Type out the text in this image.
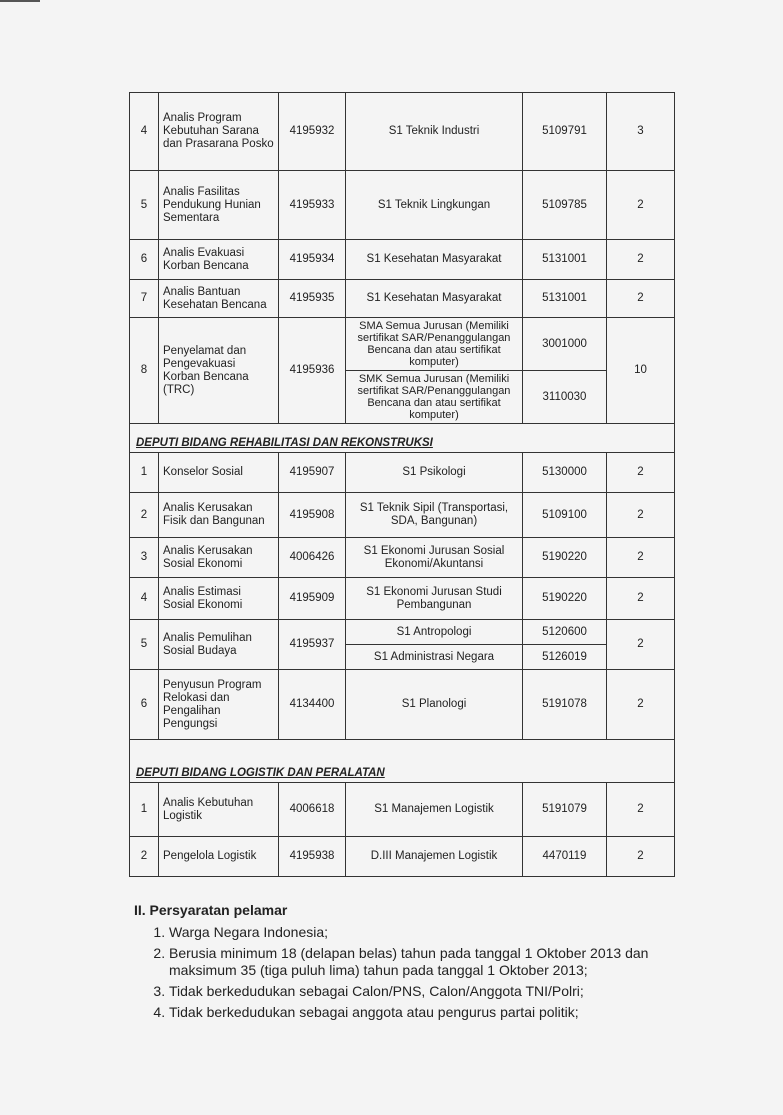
4	Analis Program Kebutuhan Sarana dan Prasarana Posko	4195932	S1 Teknik Industri	5109791	3
5	Analis Fasilitas Pendukung Hunian Sementara	4195933	S1 Teknik Lingkungan	5109785	2
6	Analis Evakuasi Korban Bencana	4195934	S1 Kesehatan Masyarakat	5131001	2
7	Analis Bantuan Kesehatan Bencana	4195935	S1 Kesehatan Masyarakat	5131001	2
8	Penyelamat dan Pengevakuasi Korban Bencana (TRC)	4195936	SMA Semua Jurusan (Memiliki sertifikat SAR/Penanggulangan Bencana dan atau sertifikat komputer)	3001000	10
			SMK Semua Jurusan (Memiliki sertifikat SAR/Penanggulangan Bencana dan atau sertifikat komputer)	3110030	
DEPUTI BIDANG REHABILITASI DAN REKONSTRUKSI					
1	Konselor Sosial	4195907	S1 Psikologi	5130000	2
2	Analis Kerusakan Fisik dan Bangunan	4195908	S1 Teknik Sipil (Transportasi, SDA, Bangunan)	5109100	2
3	Analis Kerusakan Sosial Ekonomi	4006426	S1 Ekonomi Jurusan Sosial Ekonomi/Akuntansi	5190220	2
4	Analis Estimasi Sosial Ekonomi	4195909	S1 Ekonomi Jurusan Studi Pembangunan	5190220	2
5	Analis Pemulihan Sosial Budaya	4195937	S1 Antropologi	5120600	2
			S1 Administrasi Negara	5126019	
6	Penyusun Program Relokasi dan Pengalihan Pengungsi	4134400	S1 Planologi	5191078	2
DEPUTI BIDANG LOGISTIK DAN PERALATAN					
1	Analis Kebutuhan Logistik	4006618	S1 Manajemen Logistik	5191079	2
2	Pengelola Logistik	4195938	D.III Manajemen Logistik	4470119	2
II. Persyaratan pelamar
1. Warga Negara Indonesia;
2. Berusia minimum 18 (delapan belas) tahun pada tanggal 1 Oktober 2013 dan maksimum 35 (tiga puluh lima) tahun pada tanggal 1 Oktober 2013;
3. Tidak berkedudukan sebagai Calon/PNS, Calon/Anggota TNI/Polri;
4. Tidak berkedudukan sebagai anggota atau pengurus partai politik;
